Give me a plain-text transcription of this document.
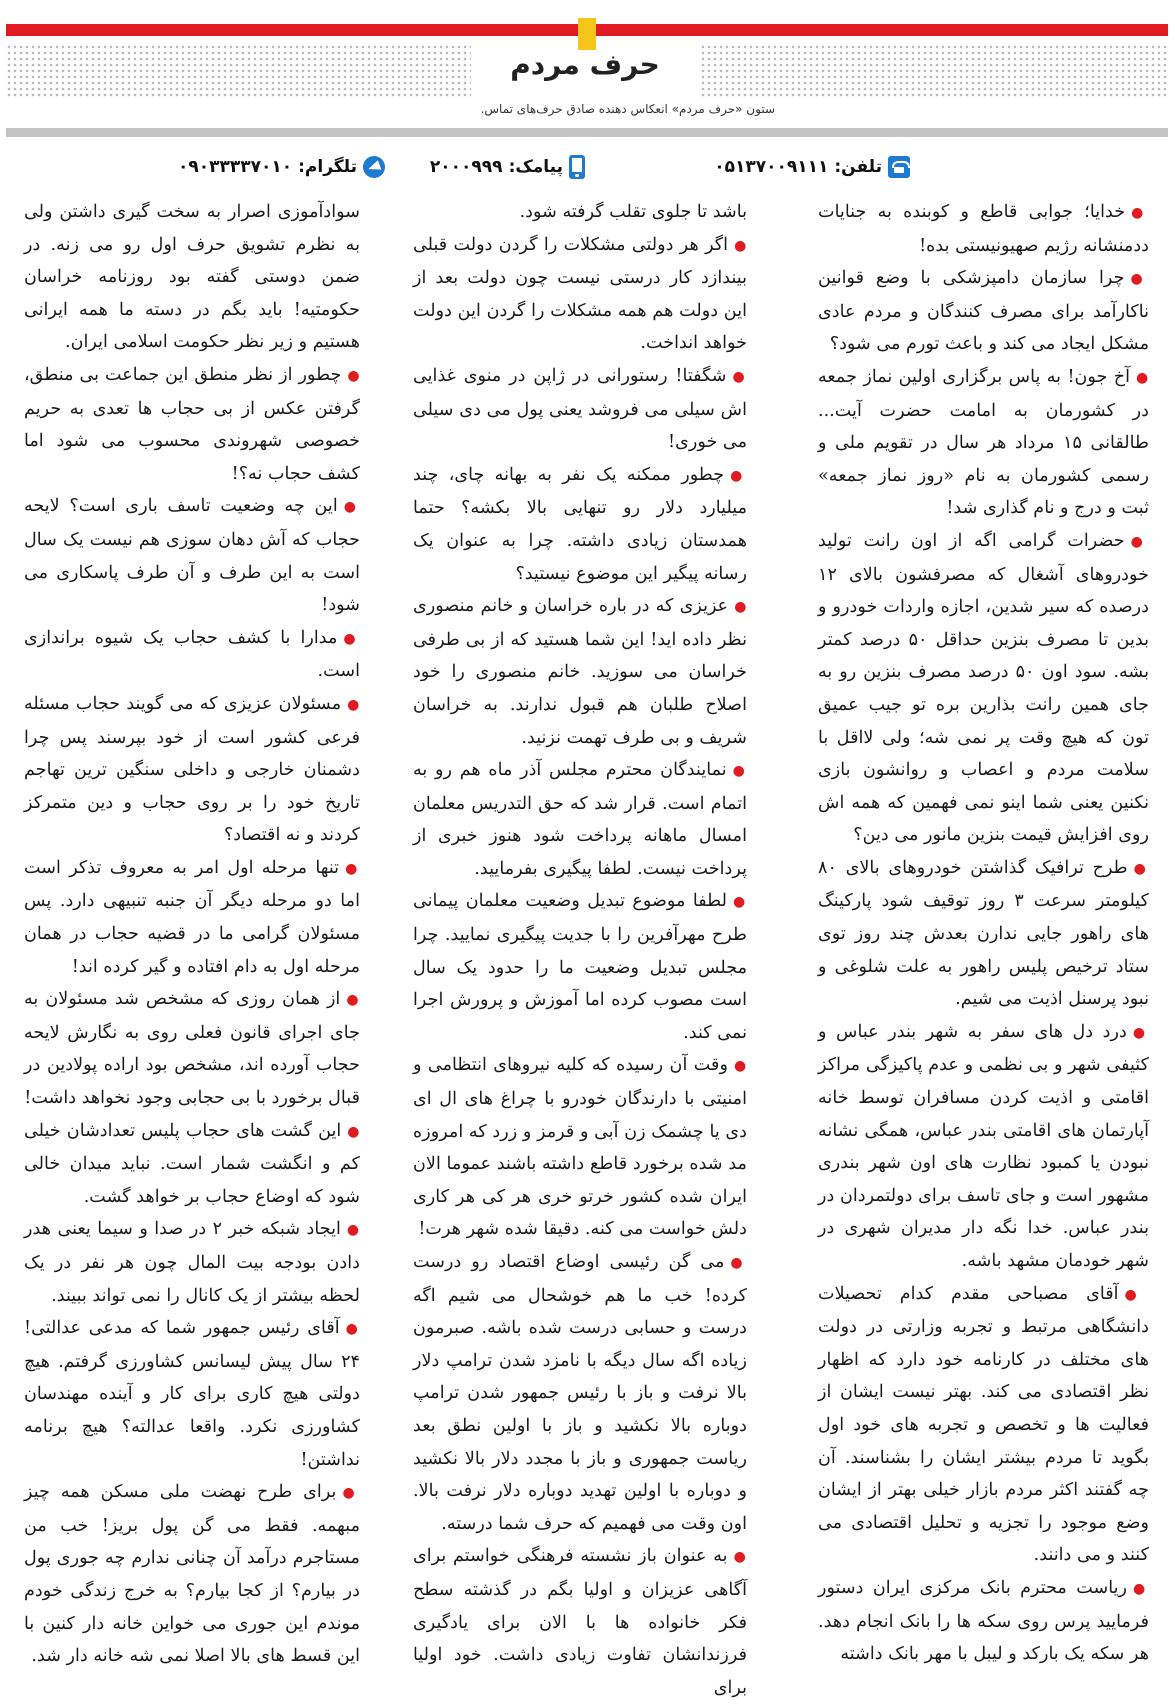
حرف مردم
ستون «حرف مردم» انعکاس دهنده صادق حرف‌های تماس.
تلفن:
۰۵۱۳۷۰۰۹۱۱۱
پیامک:
۲۰۰۰۹۹۹
تلگرام:
۰۹۰۳۳۳۳۷۰۱۰

●خدایا؛ جوابی قاطع و کوبنده به جنایات ددمنشانه رژیم صهیونیستی بده!

●چرا سازمان دامپزشکی با وضع قوانین ناکارآمد برای مصرف کنندگان و مردم عادی مشکل ایجاد می کند و باعث تورم می شود؟

●آخ جون! به پاس برگزاری اولین نماز جمعه در کشورمان به امامت حضرت آیت... طالقانی ۱۵ مرداد هر سال در تقویم ملی و رسمی کشورمان به نام «روز نماز جمعه» ثبت و درج و نام گذاری شد!

●حضرات گرامی اگه از اون رانت تولید خودروهای آشغال که مصرفشون بالای ۱۲ درصده که سیر شدین، اجازه واردات خودرو و بدین تا مصرف بنزین حداقل ۵۰ درصد کمتر بشه. سود اون ۵۰ درصد مصرف بنزین رو به جای همین رانت بذارین بره تو جیب عمیق تون که هیچ وقت پر نمی شه؛ ولی لااقل با سلامت مردم و اعصاب و روانشون بازی نکنین یعنی شما اینو نمی فهمین که همه اش روی افزایش قیمت بنزین مانور می دین؟

●طرح ترافیک گذاشتن خودروهای بالای ۸۰ کیلومتر سرعت ۳ روز توقیف شود پارکینگ های راهور جایی ندارن بعدش چند روز توی ستاد ترخیص پلیس راهور به علت شلوغی و نبود پرسنل اذیت می شیم.

●درد دل های سفر به شهر بندر عباس و کثیفی شهر و بی نظمی و عدم پاکیزگی مراکز اقامتی و اذیت کردن مسافران توسط خانه آپارتمان های اقامتی بندر عباس، همگی نشانه نبودن یا کمبود نظارت های اون شهر بندری مشهور است و جای تاسف برای دولتمردان در بندر عباس. خدا نگه دار مدیران شهری در شهر خودمان مشهد باشه.

●آقای مصباحی مقدم کدام تحصیلات دانشگاهی مرتبط و تجربه وزارتی در دولت های مختلف در کارنامه خود دارد که اظهار نظر اقتصادی می کند. بهتر نیست ایشان از فعالیت ها و تخصص و تجربه های خود اول بگوید تا مردم بیشتر ایشان را بشناسند. آن چه گفتند اکثر مردم بازار خیلی بهتر از ایشان وضع موجود را تجزیه و تحلیل اقتصادی می کنند و می دانند.

●ریاست محترم بانک مرکزی ایران دستور فرمایید پرس روی سکه ها را بانک انجام دهد. هر سکه یک بارکد و لیبل با مهر بانک داشته

باشد تا جلوی تقلب گرفته شود.

●اگر هر دولتی مشکلات را گردن دولت قبلی بیندازد کار درستی نیست چون دولت بعد از این دولت هم همه مشکلات را گردن این دولت خواهد انداخت.

●شگفتا! رستورانی در ژاپن در منوی غذایی اش سیلی می فروشد یعنی پول می دی سیلی می خوری!

●چطور ممکنه یک نفر به بهانه چای، چند میلیارد دلار رو تنهایی بالا بکشه؟ حتما همدستان زیادی داشته. چرا به عنوان یک رسانه پیگیر این موضوع نیستید؟

●عزیزی که در باره خراسان و خانم منصوری نظر داده اید! این شما هستید که از بی طرفی خراسان می سوزید. خانم منصوری را خود اصلاح طلبان هم قبول ندارند. به خراسان شریف و بی طرف تهمت نزنید.

●نمایندگان محترم مجلس آذر ماه هم رو به اتمام است. قرار شد که حق التدریس معلمان امسال ماهانه پرداخت شود هنوز خبری از پرداخت نیست. لطفا پیگیری بفرمایید.

●لطفا موضوع تبدیل وضعیت معلمان پیمانی طرح مهرآفرین را با جدیت پیگیری نمایید. چرا مجلس تبدیل وضعیت ما را حدود یک سال است مصوب کرده اما آموزش و پرورش اجرا نمی کند.

●وقت آن رسیده که کلیه نیروهای انتظامی و امنیتی با دارندگان خودرو با چراغ های ال ای دی یا چشمک زن آبی و قرمز و زرد که امروزه مد شده برخورد قاطع داشته باشند عموما الان ایران شده کشور خرتو خری هر کی هر کاری دلش خواست می کنه. دقیقا شده شهر هرت!

●می گن رئیسی اوضاع اقتصاد رو درست کرده! خب ما هم خوشحال می شیم اگه درست و حسابی درست شده باشه. صبرمون زیاده اگه سال دیگه با نامزد شدن ترامپ دلار بالا نرفت و باز با رئیس جمهور شدن ترامپ دوباره بالا نکشید و باز با اولین نطق بعد ریاست جمهوری و باز با مجدد دلار بالا نکشید و دوباره با اولین تهدید دوباره دلار نرفت بالا. اون وقت می فهمیم که حرف شما درسته.

●به عنوان باز نشسته فرهنگی خواستم برای آگاهی عزیزان و اولیا بگم در گذشته سطح فکر خانواده ها با الان برای یادگیری فرزندانشان تفاوت زیادی داشت. خود اولیا برای

سوادآموزی اصرار به سخت گیری داشتن ولی به نظرم تشویق حرف اول رو می زنه. در ضمن دوستی گفته بود روزنامه خراسان حکومتیه! باید بگم در دسته ما همه ایرانی هستیم و زیر نظر حکومت اسلامی ایران.

●چطور از نظر منطق این جماعت بی منطق، گرفتن عکس از بی حجاب ها تعدی به حریم خصوصی شهروندی محسوب می شود اما کشف حجاب نه؟!

●این چه وضعیت تاسف باری است؟ لایحه حجاب که آش دهان سوزی هم نیست یک سال است به این طرف و آن طرف پاسکاری می شود!

●مدارا با کشف حجاب یک شیوه براندازی است.

●مسئولان عزیزی که می گویند حجاب مسئله فرعی کشور است از خود بپرسند پس چرا دشمنان خارجی و داخلی سنگین ترین تهاجم تاریخ خود را بر روی حجاب و دین متمرکز کردند و نه اقتصاد؟

●تنها مرحله اول امر به معروف تذکر است اما دو مرحله دیگر آن جنبه تنبیهی دارد. پس مسئولان گرامی ما در قضیه حجاب در همان مرحله اول به دام افتاده و گیر کرده اند!

●از همان روزی که مشخص شد مسئولان به جای اجرای قانون فعلی روی به نگارش لایحه حجاب آورده اند، مشخص بود اراده پولادین در قبال برخورد با بی حجابی وجود نخواهد داشت!

●این گشت های حجاب پلیس تعدادشان خیلی کم و انگشت شمار است. نباید میدان خالی شود که اوضاع حجاب بر خواهد گشت.

●ایجاد شبکه خبر ۲ در صدا و سیما یعنی هدر دادن بودجه بیت المال چون هر نفر در یک لحظه بیشتر از یک کانال را نمی تواند ببیند.

●آقای رئیس جمهور شما که مدعی عدالتی! ۲۴ سال پیش لیسانس کشاورزی گرفتم. هیچ دولتی هیچ کاری برای کار و آینده مهندسان کشاورزی نکرد. واقعا عدالته؟ هیچ برنامه نداشتن!

●برای طرح نهضت ملی مسکن همه چیز مبهمه. فقط می گن پول بریز! خب من مستاجرم درآمد آن چنانی ندارم چه جوری پول در بیارم؟ از کجا بیارم؟ به خرج زندگی خودم موندم این جوری می خواین خانه دار کنین با این قسط های بالا اصلا نمی شه خانه دار شد.
